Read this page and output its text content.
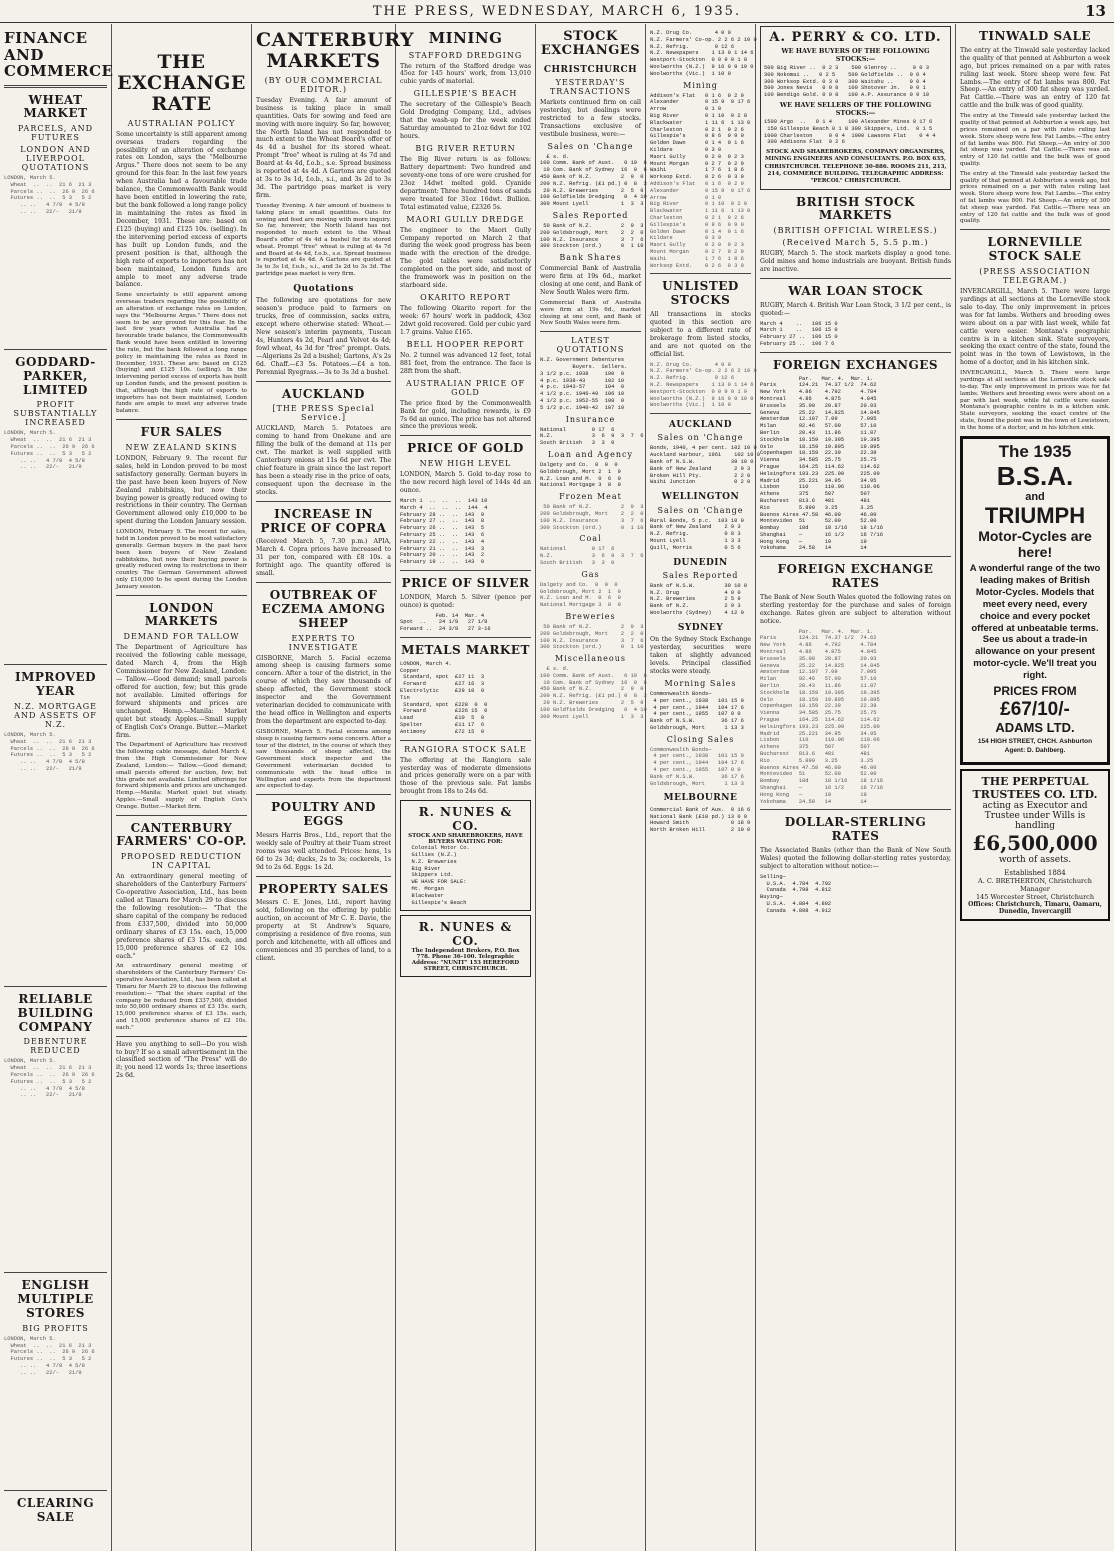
THE PRESS, WEDNESDAY, MARCH 6, 1935.	13
FINANCE AND COMMERCE
WHEAT MARKET
PARCELS, AND FUTURES
LONDON AND LIVERPOOL QUOTATIONS
LONDON, March 5.
Wheat  ..  ..  21 6  21 3
Parcels ..  ..  26 9  26 6
Futures ..  ..  5 3   5 2
.. ..   4 7/8  4 5/8
.. ..   22/-   21/9

GODDARD-PARKER, LIMITED
PROFIT SUBSTANTIALLY INCREASED
LONDON, March 5.
Wheat  ..  ..  21 6  21 3
Parcels ..  ..  26 9  26 6
Futures ..  ..  5 3   5 2
.. ..   4 7/8  4 5/8
.. ..   22/-   21/9

IMPROVED YEAR
N.Z. MORTGAGE AND ASSETS OF N.Z.
LONDON, March 5.
Wheat  ..  ..  21 6  21 3
Parcels ..  ..  26 9  26 6
Futures ..  ..  5 3   5 2
.. ..   4 7/8  4 5/8
.. ..   22/-   21/9

RELIABLE BUILDING COMPANY
DEBENTURE REDUCED
LONDON, March 5.
Wheat  ..  ..  21 6  21 3
Parcels ..  ..  26 9  26 6
Futures ..  ..  5 3   5 2
.. ..   4 7/8  4 5/8
.. ..   22/-   21/9

ENGLISH MULTIPLE STORES
BIG PROFITS
LONDON, March 5.
Wheat  ..  ..  21 6  21 3
Parcels ..  ..  26 9  26 6
Futures ..  ..  5 3   5 2
.. ..   4 7/8  4 5/8
.. ..   22/-   21/9

CLEARING SALE
THE EXCHANGE RATE
AUSTRALIAN POLICY

Some uncertainty is still apparent among overseas traders regarding the possibility of an alteration of exchange rates on London, says the "Melbourne Argus." There does not seem to be any ground for this fear. In the last few years when Australia had a favourable trade balance, the Commonwealth Bank would have been entitled in lowering the rate, but the bank followed a long range policy in maintaining the rates as fixed in December, 1931. These are: based on £125 (buying) and £125 10s. (selling). In the intervening period excess of exports has built up London funds, and the present position is that, although the high rate of exports to importers has not been maintained, London funds are ample to meet any adverse trade balance.

Some uncertainty is still apparent among overseas traders regarding the possibility of an alteration of exchange rates on London, says the "Melbourne Argus." There does not seem to be any ground for this fear. In the last few years when Australia had a favourable trade balance, the Commonwealth Bank would have been entitled in lowering the rate, but the bank followed a long range policy in maintaining the rates as fixed in December, 1931. These are: based on £125 (buying) and £125 10s. (selling). In the intervening period excess of exports has built up London funds, and the present position is that, although the high rate of exports to importers has not been maintained, London funds are ample to meet any adverse trade balance.

FUR SALES
NEW ZEALAND SKINS

LONDON, February 9. The recent fur sales, held in London proved to be most satisfactory generally. German buyers in the past have been keen buyers of New Zealand rabbitskins, but now their buying power is greatly reduced owing to restrictions in their country. The German Government allowed only £10,000 to be spent during the London January session.

LONDON, February 9. The recent fur sales, held in London proved to be most satisfactory generally. German buyers in the past have been keen buyers of New Zealand rabbitskins, but now their buying power is greatly reduced owing to restrictions in their country. The German Government allowed only £10,000 to be spent during the London January session.

LONDON MARKETS
DEMAND FOR TALLOW

The Department of Agriculture has received the following cable message, dated March 4, from the High Commissioner for New Zealand, London:— Tallow.—Good demand; small parcels offered for auction, few; but this grade not available. Limited offerings for forward shipments and prices are unchanged. Hemp.—Manila: Market quiet but steady. Apples.—Small supply of English Cox's Orange. Butter.—Market firm.

The Department of Agriculture has received the following cable message, dated March 4, from the High Commissioner for New Zealand, London:— Tallow.—Good demand; small parcels offered for auction, few; but this grade not available. Limited offerings for forward shipments and prices are unchanged. Hemp.—Manila: Market quiet but steady. Apples.—Small supply of English Cox's Orange. Butter.—Market firm.

CANTERBURY FARMERS' CO-OP.
PROPOSED REDUCTION IN CAPITAL

An extraordinary general meeting of shareholders of the Canterbury Farmers' Co-operative Association, Ltd., has been called at Timaru for March 29 to discuss the following resolution:— "That the share capital of the company be reduced from £337,500, divided into 50,000 ordinary shares of £3 15s. each, 15,000 preference shares of £3 15s. each, and 15,000 preference shares of £2 10s. each."

An extraordinary general meeting of shareholders of the Canterbury Farmers' Co-operative Association, Ltd., has been called at Timaru for March 29 to discuss the following resolution:— "That the share capital of the company be reduced from £337,500, divided into 50,000 ordinary shares of £3 15s. each, 15,000 preference shares of £3 15s. each, and 15,000 preference shares of £2 10s. each."

Have you anything to sell—Do you wish to buy? If so a small advertisement in the classified section of "The Press" will do it; you need 12 words 1s; three insertions 2s 6d.

CANTERBURY MARKETS
(BY OUR COMMERCIAL EDITOR.)

Tuesday Evening. A fair amount of business is taking place in small quantities. Oats for sowing and feed are moving with more inquiry. So far, however, the North Island has not responded to much extent to the Wheat Board's offer of 4s 4d a bushel for its stored wheat. Prompt "free" wheat is ruling at 4s 7d and Board at 4s 4d, f.o.b., s.e. Spread business is reported at 4s 4d. A Gartons are quoted at 3s to 3s 1d, f.o.b., s.i., and 3s 2d to 3s 3d. The partridge peas market is very firm.

Tuesday Evening. A fair amount of business is taking place in small quantities. Oats for sowing and feed are moving with more inquiry. So far, however, the North Island has not responded to much extent to the Wheat Board's offer of 4s 4d a bushel for its stored wheat. Prompt "free" wheat is ruling at 4s 7d and Board at 4s 4d, f.o.b., s.e. Spread business is reported at 4s 4d. A Gartons are quoted at 3s to 3s 1d, f.o.b., s.i., and 3s 2d to 3s 3d. The partridge peas market is very firm.

Quotations

The following are quotations for new season's produce paid to farmers on trucks, free of commission, sacks extra, except where otherwise stated: Wheat.—New season's interim payments, Tuscan 4s, Hunters 4s 2d, Pearl and Velvet 4s 4d; fowl wheat, 4s 3d for "free" prompt. Oats.—Algerians 2s 2d a bushel; Gartons, A's 2s 6d. Chaff.—£3 5s. Potatoes.—£4 a ton. Perennial Ryegrass.—3s to 3s 3d a bushel.

AUCKLAND
[THE PRESS Special Service.]

AUCKLAND, March 5. Potatoes are coming to hand from Onekune and are filling the bulk of the demand at 11s per cwt. The market is well supplied with Canterbury onions at 11s 6d per cwt. The chief feature in grain since the last report has been a steady rise in the price of oats, consequent upon the decrease in the stocks.

INCREASE IN PRICE OF COPRA

(Received March 5, 7.30 p.m.) APIA, March 4. Copra prices have increased to 31 per ton, compared with £8 10s. a fortnight ago. The quantity offered is small.

OUTBREAK OF ECZEMA AMONG SHEEP
EXPERTS TO INVESTIGATE

GISBORNE, March 5. Facial eczema among sheep is causing farmers some concern. After a tour of the district, in the course of which they saw thousands of sheep affected, the Government stock inspector and the Government veterinarian decided to communicate with the head office in Wellington and experts from the department are expected to-day.

GISBORNE, March 5. Facial eczema among sheep is causing farmers some concern. After a tour of the district, in the course of which they saw thousands of sheep affected, the Government stock inspector and the Government veterinarian decided to communicate with the head office in Wellington and experts from the department are expected to-day.

POULTRY AND EGGS

Messrs Harris Bros., Ltd., report that the weekly sale of Poultry at their Tuam street rooms was well attended. Prices: hens, 1s 6d to 2s 3d; ducks, 2s to 3s; cockerels, 1s 9d to 2s 6d. Eggs: 1s 2d.

PROPERTY SALES

Messrs C. E. Jones, Ltd., report having sold, following on the offering by public auction, on account of Mr C. E. Davie, the property at St Andrew's Square, comprising a residence of five rooms, sun porch and kitchenette, with all offices and conveniences and 35 perches of land, to a client.

MINING
STAFFORD DREDGING

The return of the Stafford dredge was 45oz for 145 hours' work, from 13,010 cubic yards of material.

GILLESPIE'S BEACH

The secretary of the Gillespie's Beach Gold Dredging Company, Ltd., advises that the wash-up for the week ended Saturday amounted to 21oz 6dwt for 102 hours.

BIG RIVER RETURN

The Big River return is as follows: Battery department: Two hundred and seventy-one tons of ore were crushed for 23oz 14dwt melted gold. Cyanide department: Three hundred tons of sands were treated for 31oz 16dwt. Bullion. Total estimated value, £2326 5s.

MAORI GULLY DREDGE

The engineer to the Maori Gully Company reported on March 2 that during the week good progress has been made with the erection of the dredge. The gold tables were satisfactorily completed on the port side, and most of the framework was in position on the starboard side.

OKARITO REPORT

The following Okarito report for the week: 67 hours' work in paddock, 43oz 2dwt gold recovered. Gold per cubic yard 1.7 grains. Value £165.

BELL HOOPER REPORT

No. 2 tunnel was advanced 12 feet, total 881 feet, from the entrance. The face is 28ft from the shaft.

AUSTRALIAN PRICE OF GOLD

The price fixed by the Commonwealth Bank for gold, including rewards, is £9 7s 6d an ounce. The price has not altered since the previous week.

PRICE OF GOLD
NEW HIGH LEVEL

LONDON, March 5. Gold to-day rose to the new record high level of 144s 4d an ounce.

March 1  ..  ..  ..  143 10
March 4  ..  ..  ..  144  4
February 28 ..  ..  143  9
February 27 ..  ..  143  8
February 26 ..  ..  143  5
February 25 ..  ..  143  6
February 22 ..  ..  143  4
February 21 ..  ..  143  3
February 20 ..  ..  143  2
February 19 ..  ..  143  0
PRICE OF SILVER

LONDON, March 5. Silver (pence per ounce) is quoted:

Feb. 14  Mar. 4
Spot  ..    24 1/8   27 1/8
Forward ..  24 3/8   27 3-16
METALS MARKET
LONDON, March 4.
Copper
Standard, spot  £27 11  3
Forward         £27 16  3
Electrolytic     £29 10  0
Tin
Standard, spot  £228  0  0
Forward         £226 15  0
Lead             £10  5  0
Spelter          £11 17  6
Antimony         £72 15  0
RANGIORA STOCK SALE

The offering at the Rangiora sale yesterday was of moderate dimensions and prices generally were on a par with those of the previous sale. Fat lambs brought from 18s to 24s 6d.

R. NUNES & CO.
STOCK AND SHAREBROKERS, HAVE BUYERS WAITING FOR:
Colonial Motor Co.
Gillies (N.Z.)
N.Z. Breweries
Big River
Skippers Ltd.
WE HAVE FOR SALE:
Mt. Morgan
Blackwater
Gillespie's Beach
R. NUNES & CO.
The Independent Brokers, P.O. Box 778. Phone 36-100. Telegraphic Address: "NUNIT" 153 HEREFORD STREET, CHRISTCHURCH.
STOCK EXCHANGES
CHRISTCHURCH
YESTERDAY'S TRANSACTIONS

Markets continued firm on call yesterday, but dealings were restricted to a few stocks. Transactions exclusive of vestibule business, were:—

Sales on 'Change
£ s. d.
100 Comm. Bank of Aust.   0 19  6
10 Com. Bank of Sydney  16  0  6
450 Bank of N.Z.         2  9  0
200 N.Z. Refrig. (£1 pd.) 0  8  3
20 N.Z. Breweries       2  5  9
100 Goldfields Dredging   0  4 10
300 Mount Lyell          1  3  3
Sales Reported
50 Bank of N.Z.         2  9  3
200 Goldsbrough, Mort    2  2  0
100 N.Z. Insurance       3  7  6
300 Stockton (ord.)      0  1 10
Bank Shares

Commercial Bank of Australia were firm at 19s 6d., market closing at one cent, and Bank of New South Wales were firm.

Commercial Bank of Australia were firm at 19s 6d., market closing at one cent, and Bank of New South Wales were firm.

LATEST QUOTATIONS
N.Z. Government Debentures
Buyers.  Sellers.
3 1/2 p.c. 1938     100  0
4 p.c. 1938-43      102 10
4 p.c. 1943-57      104  0
4 1/2 p.c. 1946-49  106 10
4 1/2 p.c. 1952-55  108  0
5 1/2 p.c. 1940-42  107 10
Insurance
National        0 17  6
N.Z.            3  6  9  3  7  6
South British   3  3  0
Loan and Agency
Dalgety and Co.  8  0  0
Goldsbrough, Mort 2  1  9
N.Z. Loan and M.  0  6  0
National Mortgage 3  8  0
Frozen Meat
50 Bank of N.Z.         2  9  3
200 Goldsbrough, Mort    2  2  0
100 N.Z. Insurance       3  7  6
300 Stockton (ord.)      0  1 10
Coal
National        0 17  6
N.Z.            3  6  9  3  7  6
South British   3  3  0
Gas
Dalgety and Co.  8  0  0
Goldsbrough, Mort 2  1  9
N.Z. Loan and M.  0  6  0
National Mortgage 3  8  0
Breweries
50 Bank of N.Z.         2  9  3
200 Goldsbrough, Mort    2  2  0
100 N.Z. Insurance       3  7  6
300 Stockton (ord.)      0  1 10
Miscellaneous
£ s. d.
100 Comm. Bank of Aust.   0 19  6
10 Com. Bank of Sydney  16  0  6
450 Bank of N.Z.         2  9  0
200 N.Z. Refrig. (£1 pd.) 0  8  3
20 N.Z. Breweries       2  5  9
100 Goldfields Dredging   0  4 10
300 Mount Lyell          1  3  3
N.Z. Drug Co.       4 0 0
N.Z. Farmers' Co-op. 2 2 6 2 10 0
N.Z. Refrig.        0 12 6
N.Z. Newspapers    1 13 0 1 14 6
Westport-Stockton  0 0 9 0 1 0
Woolworths (N.Z.)  9 16 0 9 19 0
Woolworths (Vic.)  1 10 0
Mining
Addison's Flat   0 1 6  0 2 9
Alexander        0 15 9  0 17 6
Arrow            0 1 0
Big River        0 1 10  0 2 0
Blackwater       1 11 6  1 13 0
Charleston       0 2 1  0 2 6
Gillespie's      0 8 6  0 9 0
Golden Dawn      0 1 4  0 1 6
Kildare          0 3 0
Maori Gully      0 2 0  0 2 3
Mount Morgan     0 2 7  0 2 9
Waihi            1 7 6  1 8 6
Worksop Extd.    0 2 6  0 3 0
Addison's Flat   0 1 6  0 2 9
Alexander        0 15 9  0 17 6
Arrow            0 1 0
Big River        0 1 10  0 2 0
Blackwater       1 11 6  1 13 0
Charleston       0 2 1  0 2 6
Gillespie's      0 8 6  0 9 0
Golden Dawn      0 1 4  0 1 6
Kildare          0 3 0
Maori Gully      0 2 0  0 2 3
Mount Morgan     0 2 7  0 2 9
Waihi            1 7 6  1 8 6
Worksop Extd.    0 2 6  0 3 0
UNLISTED STOCKS

All transactions in stocks quoted in this section are subject to a different rate of brokerage from listed stocks, and are not quoted on the official list.

N.Z. Drug Co.       4 0 0
N.Z. Farmers' Co-op. 2 2 6 2 10 0
N.Z. Refrig.        0 12 6
N.Z. Newspapers    1 13 0 1 14 6
Westport-Stockton  0 0 9 0 1 0
Woolworths (N.Z.)  9 16 0 9 19 0
Woolworths (Vic.)  1 10 0
AUCKLAND
Sales on 'Change
Bonds, 1940, 4 per cent. 102 10 0
Auckland Harbour, 1961    102 10 0
Bank of N.S.W.           39 10 0
Bank of New Zealand       2 9 3
Broken Hill Pty.          2 2 0
Waihi Junction            0 2 0
WELLINGTON
Sales on 'Change
Rural Bonds, 5 p.c.  103 10 0
Bank of New Zealand    2 9 3
N.Z. Refrig.           0 8 3
Mount Lyell            1 3 3
Quill, Morris          0 5 6
DUNEDIN
Sales Reported
Bank of N.S.W.         39 10 0
N.Z. Drug              4 0 0
N.Z. Breweries         2 5 9
Bank of N.Z.           2 9 3
Woolworths (Sydney)    4 12 0
SYDNEY

On the Sydney Stock Exchange yesterday, securities were taken at slightly advanced levels. Principal classified stocks were steady.

Morning Sales
Commonwealth Bonds—
4 per cent., 1938   101 15 0
4 per cent., 1944   104 17 6
4 per cent., 1955   107 0 0
Bank of N.S.W.        36 17 6
Goldsbrough, Mort      1 13 3
Closing Sales
Commonwealth Bonds—
4 per cent., 1938   101 15 0
4 per cent., 1944   104 17 6
4 per cent., 1955   107 0 0
Bank of N.S.W.        36 17 6
Goldsbrough, Mort      1 13 3
MELBOURNE
Commercial Bank of Aus.  0 16 6
National Bank (£10 pd.) 13 0 0
Howard Smith             0 18 9
North Broken Hill        2 10 0
A. PERRY & CO. LTD.
WE HAVE BUYERS OF THE FOLLOWING STOCKS:—
500 Big River ..  0 2 3    500 Glenroy ..     0 0 3
300 Nokomai ..   0 2 5    500 Goldfields ..  0 0 4
300 Worksop Extd. 0 3 0   300 Waitahu ..     0 0 4
500 Jones Nevis   0 0 8   100 Shotover Jn.   0 0 1
100 Bendigo Gold. 0 0 8   100 A.P. Assurance 0 9 10
WE HAVE SELLERS OF THE FOLLOWING STOCKS:—
1500 Argo  ..   0 1 4     100 Alexander Mines 0 17 6
150 Gillespie Beach 0 1 8 300 Skippers, Ltd.  0 1 5
1000 Charleston     0 0 4  1000 Lawsons Flat    0 4 4
300 Addisons Flat  0 2 6
STOCK AND SHAREBROKERS, COMPANY ORGANISERS, MINING ENGINEERS AND CONSULTANTS. P.O. BOX 635, CHRISTCHURCH. TELEPHONE 30-886. ROOMS 211, 213, 214, COMMERCE BUILDING. TELEGRAPHIC ADDRESS: "PERCOL" CHRISTCHURCH.
BRITISH STOCK MARKETS
(BRITISH OFFICIAL WIRELESS.)
(Received March 5, 5.5 p.m.)

RUGBY, March 5. The stock markets display a good tone. Gold mines and home industrials are buoyant. British funds are inactive.

WAR LOAN STOCK

RUGBY, March 4. British War Loan Stock, 3 1/2 per cent., is quoted:—

March 4    ..   106 15 0
March 1    ..   106 15 0
February 27 ..  106 15 0
February 25 ..  106 7 6
FOREIGN EXCHANGES
Par.   Mar. 4.  Mar. 1.
Paris       124.21  74.37 1/2  74.62
New York    4.86    4.792      4.784
Montreal    4.86    4.875      4.845
Brussels    35.00   20.87      20.93
Geneva      25.22   14.825     14.845
Amsterdam   12.107  7.09       7.095
Milan       92.46   57.00      57.10
Berlin      20.43   11.86      11.87
Stockholm   18.159  19.395     19.395
Oslo        18.159  19.895     19.895
Copenhagen  18.159  22.39      22.39
Vienna      34.585  25.75      25.75
Prague      164.25  114.62     114.62
Helsingfors 193.23  225.00     225.00
Madrid      25.221  34.95      34.95
Lisbon      110     110.06     110.06
Athens      375     507        507
Bucharest   813.6   481        481
Rio         5.899   3.25       3.25
Buenos Aires 47.58  46.00      46.00
Montevideo  51      52.00      52.00
Bombay      18d     18 1/16    18 1/16
Shanghai    —       16 1/2     16 7/16
Hong Kong   —       19         19
Yokohama    24.58   14         14
FOREIGN EXCHANGE RATES

The Bank of New South Wales quoted the following rates on sterling yesterday for the purchase and sales of foreign exchange. Rates given are subject to alteration without notice.

Par.   Mar. 4.  Mar. 1.
Paris       124.21  74.37 1/2  74.62
New York    4.86    4.792      4.784
Montreal    4.86    4.875      4.845
Brussels    35.00   20.87      20.93
Geneva      25.22   14.825     14.845
Amsterdam   12.107  7.09       7.095
Milan       92.46   57.00      57.10
Berlin      20.43   11.86      11.87
Stockholm   18.159  19.395     19.395
Oslo        18.159  19.895     19.895
Copenhagen  18.159  22.39      22.39
Vienna      34.585  25.75      25.75
Prague      164.25  114.62     114.62
Helsingfors 193.23  225.00     225.00
Madrid      25.221  34.95      34.95
Lisbon      110     110.06     110.06
Athens      375     507        507
Bucharest   813.6   481        481
Rio         5.899   3.25       3.25
Buenos Aires 47.58  46.00      46.00
Montevideo  51      52.00      52.00
Bombay      18d     18 1/16    18 1/16
Shanghai    —       16 1/2     16 7/16
Hong Kong   —       19         19
Yokohama    24.58   14         14
DOLLAR-STERLING RATES

The Associated Banks (other than the Bank of New South Wales) quoted the following dollar-sterling rates yesterday, subject to alteration without notice:—

Selling—
U.S.A.  4.784  4.792
Canada  4.798  4.812
Buying—
U.S.A.  4.884  4.892
Canada  4.898  4.912
TINWALD SALE

The entry at the Tinwald sale yesterday lacked the quality of that penned at Ashburton a week ago, but prices remained on a par with rates ruling last week. Store sheep were few. Fat Lambs.—The entry of fat lambs was 800. Fat Sheep.—An entry of 300 fat sheep was yarded. Fat Cattle.—There was an entry of 120 fat cattle and the bulk was of good quality.

The entry at the Tinwald sale yesterday lacked the quality of that penned at Ashburton a week ago, but prices remained on a par with rates ruling last week. Store sheep were few. Fat Lambs.—The entry of fat lambs was 800. Fat Sheep.—An entry of 300 fat sheep was yarded. Fat Cattle.—There was an entry of 120 fat cattle and the bulk was of good quality.

The entry at the Tinwald sale yesterday lacked the quality of that penned at Ashburton a week ago, but prices remained on a par with rates ruling last week. Store sheep were few. Fat Lambs.—The entry of fat lambs was 800. Fat Sheep.—An entry of 300 fat sheep was yarded. Fat Cattle.—There was an entry of 120 fat cattle and the bulk was of good quality.

LORNEVILLE STOCK SALE
(PRESS ASSOCIATION TELEGRAM.)

INVERCARGILL, March 5. There were large yardings at all sections at the Lorneville stock sale to-day. The only improvement in prices was for fat lambs. Wethers and breeding ewes were about on a par with last week, while fat cattle were easier. Montana's geographic centre is in a kitchen sink. State surveyors, seeking the exact centre of the state, found the point was in the town of Lewistown, in the home of a doctor, and in his kitchen sink.

INVERCARGILL, March 5. There were large yardings at all sections at the Lorneville stock sale to-day. The only improvement in prices was for fat lambs. Wethers and breeding ewes were about on a par with last week, while fat cattle were easier. Montana's geographic centre is in a kitchen sink. State surveyors, seeking the exact centre of the state, found the point was in the town of Lewistown, in the home of a doctor, and in his kitchen sink.

The 1935
B.S.A.
and
TRIUMPH
Motor-Cycles are here!
A wonderful range of the two leading makes of British Motor-Cycles. Models that meet every need, every choice and every pocket offered at unbeatable terms. See us about a trade-in allowance on your present motor-cycle. We'll treat you right.
PRICES FROM
£67/10/-
ADAMS LTD.
154 HIGH STREET, CHCH. Ashburton Agent: D. Dahlberg.
THE PERPETUAL TRUSTEES CO. LTD.
acting as Executor and Trustee under Wills is handling
£6,500,000
worth of assets.
Established 1884
A. C. BRETHERTON, Christchurch Manager
145 Worcester Street, Christchurch
Offices: Christchurch, Timaru, Oamaru, Dunedin, Invercargill
